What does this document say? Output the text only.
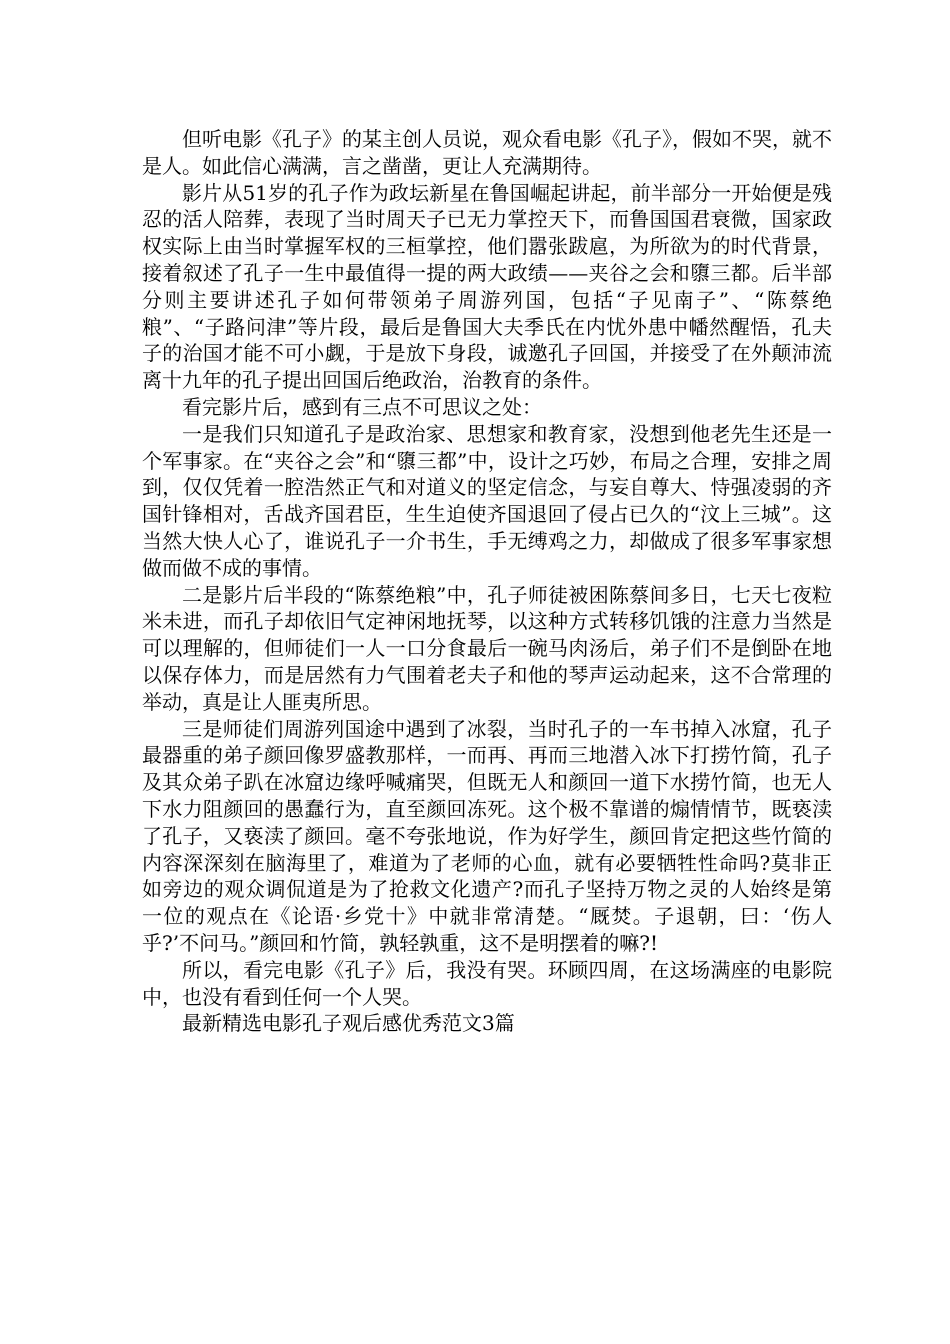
但听电影《孔子》的某主创人员说，观众看电影《孔子》，假如不哭，就不是人。如此信心满满，言之凿凿，更让人充满期待。

影片从51岁的孔子作为政坛新星在鲁国崛起讲起，前半部分一开始便是残忍的活人陪葬，表现了当时周天子已无力掌控天下，而鲁国国君衰微，国家政权实际上由当时掌握军权的三桓掌控，他们嚣张跋扈，为所欲为的时代背景，接着叙述了孔子一生中最值得一提的两大政绩——夹谷之会和隳三都。后半部分则主要讲述孔子如何带领弟子周游列国，包括“子见南子”、“陈蔡绝粮”、“子路问津”等片段，最后是鲁国大夫季氏在内忧外患中幡然醒悟，孔夫子的治国才能不可小觑，于是放下身段，诚邀孔子回国，并接受了在外颠沛流离十九年的孔子提出回国后绝政治，治教育的条件。

看完影片后，感到有三点不可思议之处：

一是我们只知道孔子是政治家、思想家和教育家，没想到他老先生还是一个军事家。在“夹谷之会”和“隳三都”中，设计之巧妙，布局之合理，安排之周到，仅仅凭着一腔浩然正气和对道义的坚定信念，与妄自尊大、恃强凌弱的齐国针锋相对，舌战齐国君臣，生生迫使齐国退回了侵占已久的“汶上三城”。这当然大快人心了，谁说孔子一介书生，手无缚鸡之力，却做成了很多军事家想做而做不成的事情。

二是影片后半段的“陈蔡绝粮”中，孔子师徒被困陈蔡间多日，七天七夜粒米未进，而孔子却依旧气定神闲地抚琴，以这种方式转移饥饿的注意力当然是可以理解的，但师徒们一人一口分食最后一碗马肉汤后，弟子们不是倒卧在地以保存体力，而是居然有力气围着老夫子和他的琴声运动起来，这不合常理的举动，真是让人匪夷所思。

三是师徒们周游列国途中遇到了冰裂，当时孔子的一车书掉入冰窟，孔子最器重的弟子颜回像罗盛教那样，一而再、再而三地潜入冰下打捞竹简，孔子及其众弟子趴在冰窟边缘呼喊痛哭，但既无人和颜回一道下水捞竹简，也无人下水力阻颜回的愚蠢行为，直至颜回冻死。这个极不靠谱的煽情情节，既亵渎了孔子，又亵渎了颜回。毫不夸张地说，作为好学生，颜回肯定把这些竹简的内容深深刻在脑海里了，难道为了老师的心血，就有必要牺牲性命吗?莫非正如旁边的观众调侃道是为了抢救文化遗产?而孔子坚持万物之灵的人始终是第一位的观点在《论语·乡党十》中就非常清楚。“厩焚。子退朝，曰：‘伤人乎?’不问马。”颜回和竹简，孰轻孰重，这不是明摆着的嘛?!

所以，看完电影《孔子》后，我没有哭。环顾四周，在这场满座的电影院中，也没有看到任何一个人哭。

最新精选电影孔子观后感优秀范文3篇
